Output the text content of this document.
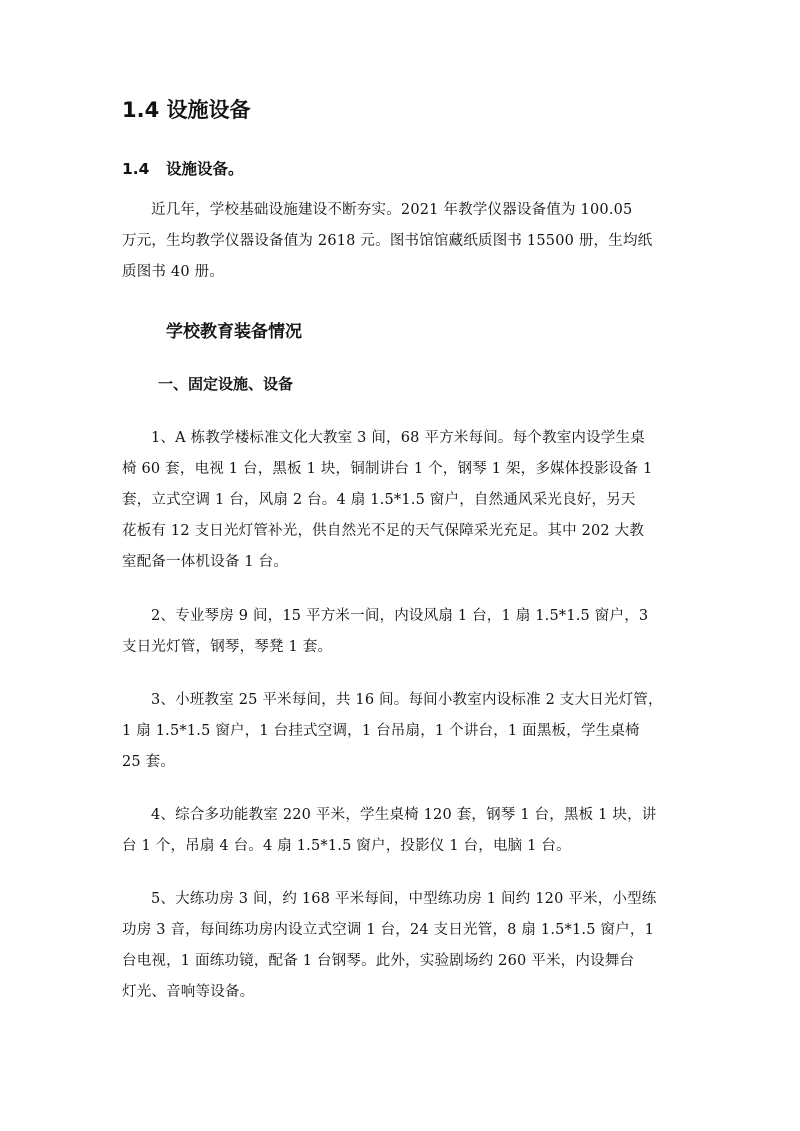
1.4 设施设备
1.4 设施设备。
近几年，学校基础设施建设不断夯实。2021 年教学仪器设备值为 100.05
万元，生均教学仪器设备值为 2618 元。图书馆馆藏纸质图书 15500 册，生均纸
质图书 40 册。
学校教育装备情况
一、固定设施、设备
1、A 栋教学楼标准文化大教室 3 间，68 平方米每间。每个教室内设学生桌
椅 60 套，电视 1 台，黑板 1 块，铜制讲台 1 个，钢琴 1 架，多媒体投影设备 1
套，立式空调 1 台，风扇 2 台。4 扇 1.5*1.5 窗户，自然通风采光良好，另天
花板有 12 支日光灯管补光，供自然光不足的天气保障采光充足。其中 202 大教
室配备一体机设备 1 台。
2、专业琴房 9 间，15 平方米一间，内设风扇 1 台，1 扇 1.5*1.5 窗户，3
支日光灯管，钢琴，琴凳 1 套。
3、小班教室 25 平米每间，共 16 间。每间小教室内设标准 2 支大日光灯管，
1 扇 1.5*1.5 窗户，1 台挂式空调，1 台吊扇，1 个讲台，1 面黑板，学生桌椅
25 套。
4、综合多功能教室 220 平米，学生桌椅 120 套，钢琴 1 台，黑板 1 块，讲
台 1 个，吊扇 4 台。4 扇 1.5*1.5 窗户，投影仪 1 台，电脑 1 台。
5、大练功房 3 间，约 168 平米每间，中型练功房 1 间约 120 平米，小型练
功房 3 音，每间练功房内设立式空调 1 台，24 支日光管，8 扇 1.5*1.5 窗户，1
台电视，1 面练功镜，配备 1 台钢琴。此外，实验剧场约 260 平米，内设舞台
灯光、音响等设备。
